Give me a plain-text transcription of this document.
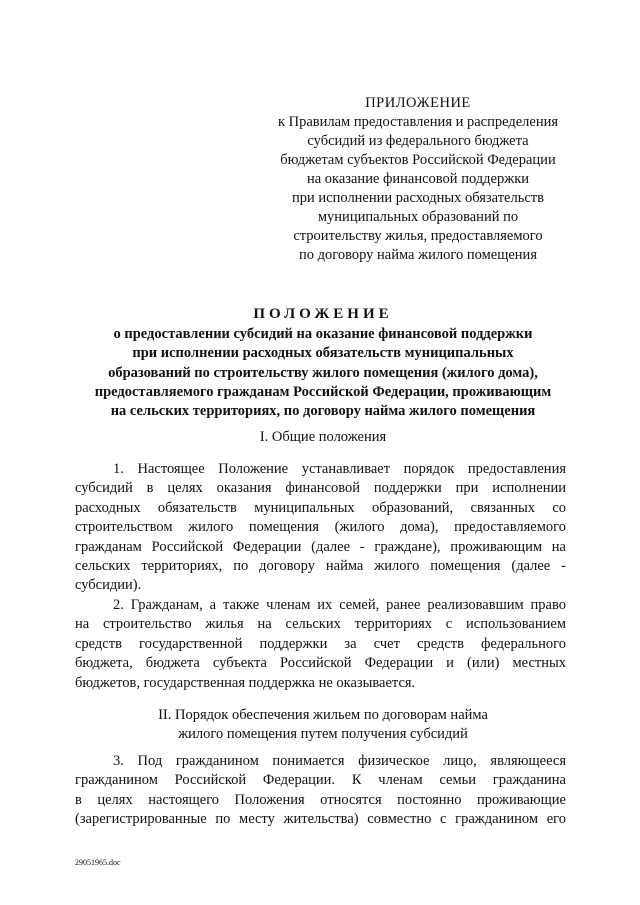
ПРИЛОЖЕНИЕ
к Правилам предоставления и распределения
субсидий из федерального бюджета
бюджетам субъектов Российской Федерации
на оказание финансовой поддержки
при исполнении расходных обязательств
муниципальных образований по
строительству жилья, предоставляемого
по договору найма жилого помещения
ПОЛОЖЕНИЕ
о предоставлении субсидий на оказание финансовой поддержки
при исполнении расходных обязательств муниципальных
образований по строительству жилого помещения (жилого дома),
предоставляемого гражданам Российской Федерации, проживающим
на сельских территориях, по договору найма жилого помещения
I. Общие положения
1. Настоящее Положение устанавливает порядок предоставления
субсидий в целях оказания финансовой поддержки при исполнении
расходных обязательств муниципальных образований, связанных со
строительством жилого помещения (жилого дома), предоставляемого
гражданам Российской Федерации (далее - граждане), проживающим на
сельских территориях, по договору найма жилого помещения (далее -
субсидии).
2. Гражданам, а также членам их семей, ранее реализовавшим право
на строительство жилья на сельских территориях с использованием
средств государственной поддержки за счет средств федерального
бюджета, бюджета субъекта Российской Федерации и (или) местных
бюджетов, государственная поддержка не оказывается.
II. Порядок обеспечения жильем по договорам найма
жилого помещения путем получения субсидий
3. Под гражданином понимается физическое лицо, являющееся
гражданином Российской Федерации. К членам семьи гражданина
в целях настоящего Положения относятся постоянно проживающие
(зарегистрированные по месту жительства) совместно с гражданином его
29051965.doc
